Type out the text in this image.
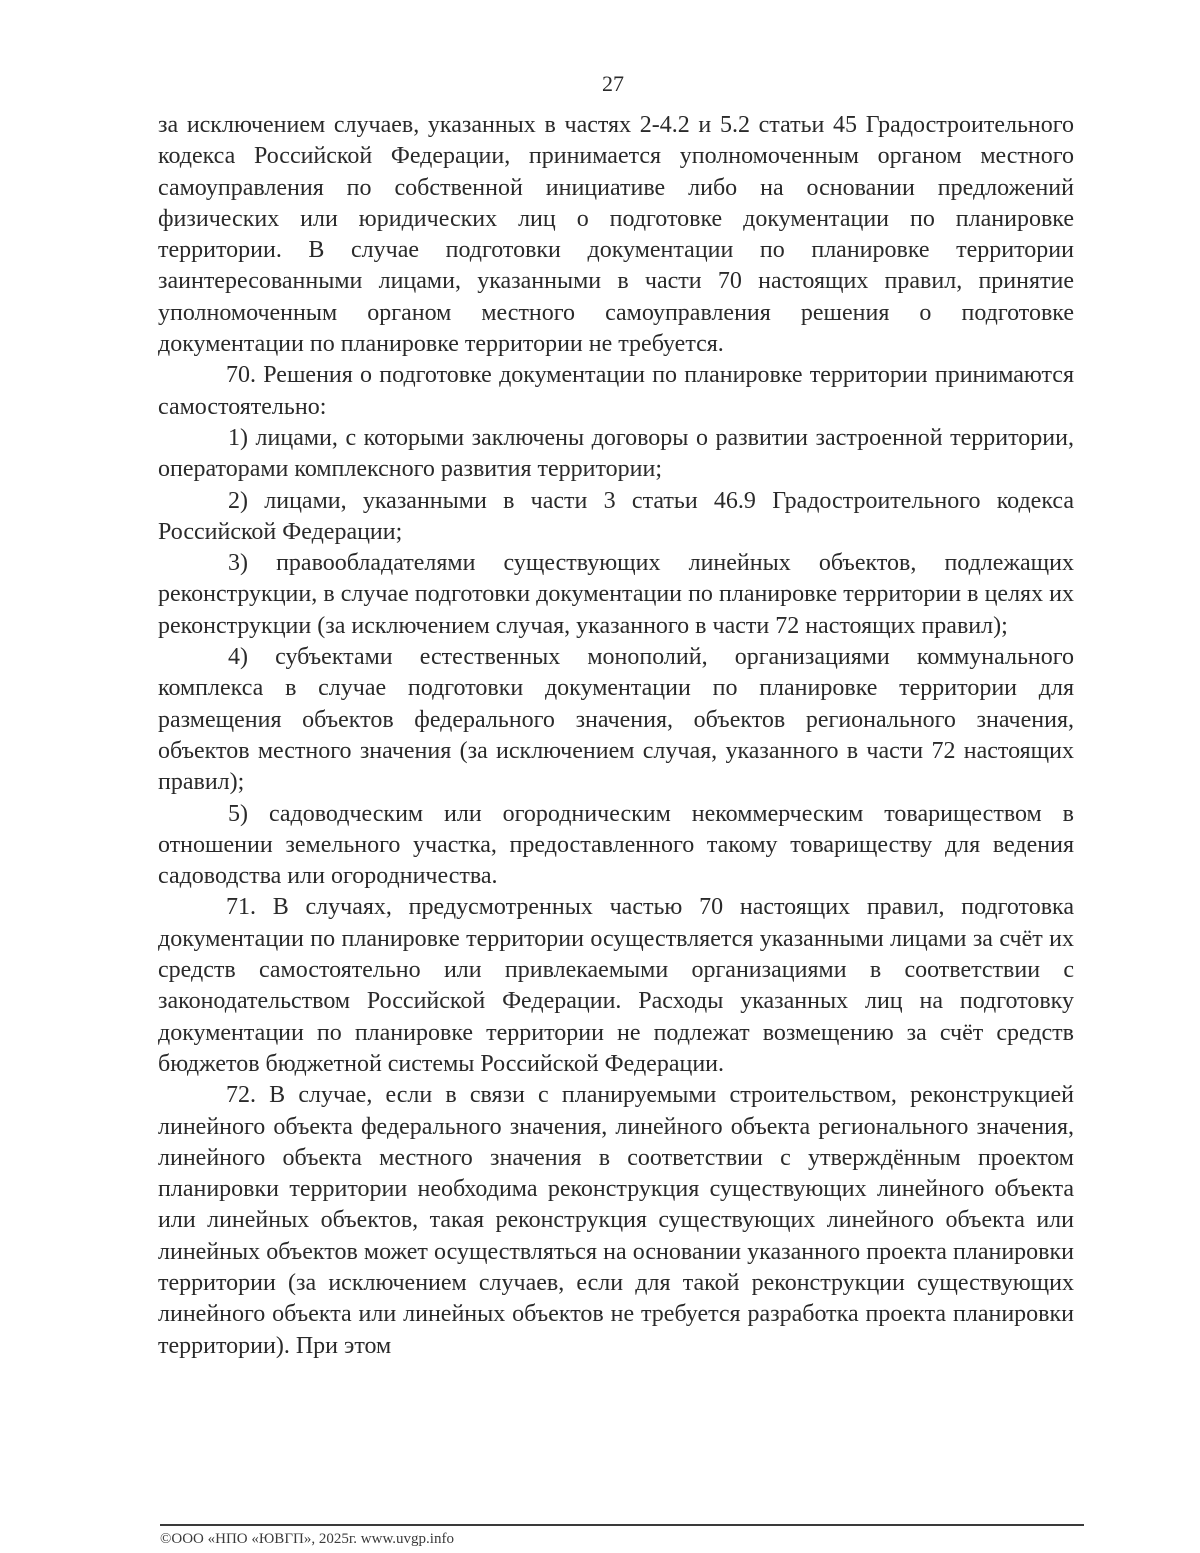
27

за исключением случаев, указанных в частях 2-4.2 и 5.2 статьи 45 Градостроительного кодекса Российской Федерации, принимается уполномоченным органом местного самоуправления по собственной инициативе либо на основании предложений физических или юридических лиц о подготовке документации по планировке территории. В случае подготовки документации по планировке территории заинтересованными лицами, указанными в части 70 настоящих правил, принятие уполномоченным органом местного самоуправления решения о подготовке документации по планировке территории не требуется.

70. Решения о подготовке документации по планировке территории принимаются самостоятельно:

1) лицами, с которыми заключены договоры о развитии застроенной территории, операторами комплексного развития территории;

2) лицами, указанными в части 3 статьи 46.9 Градостроительного кодекса Российской Федерации;

3) правообладателями существующих линейных объектов, подлежащих реконструкции, в случае подготовки документации по планировке территории в целях их реконструкции (за исключением случая, указанного в части 72 настоящих правил);

4) субъектами естественных монополий, организациями коммунального комплекса в случае подготовки документации по планировке территории для размещения объектов федерального значения, объектов регионального значения, объектов местного значения (за исключением случая, указанного в части 72 настоящих правил);

5) садоводческим или огородническим некоммерческим товариществом в отношении земельного участка, предоставленного такому товариществу для ведения садоводства или огородничества.

71. В случаях, предусмотренных частью 70 настоящих правил, подготовка документации по планировке территории осуществляется указанными лицами за счёт их средств самостоятельно или привлекаемыми организациями в соответствии с законодательством Российской Федерации. Расходы указанных лиц на подготовку документации по планировке территории не подлежат возмещению за счёт средств бюджетов бюджетной системы Российской Федерации.

72. В случае, если в связи с планируемыми строительством, реконструкцией линейного объекта федерального значения, линейного объекта регионального значения, линейного объекта местного значения в соответствии с утверждённым проектом планировки территории необходима реконструкция существующих линейного объекта или линейных объектов, такая реконструкция существующих линейного объекта или линейных объектов может осуществляться на основании указанного проекта планировки территории (за исключением случаев, если для такой реконструкции существующих линейного объекта или линейных объектов не требуется разработка проекта планировки территории). При этом

©ООО «НПО «ЮВГП», 2025г. www.uvgp.info
